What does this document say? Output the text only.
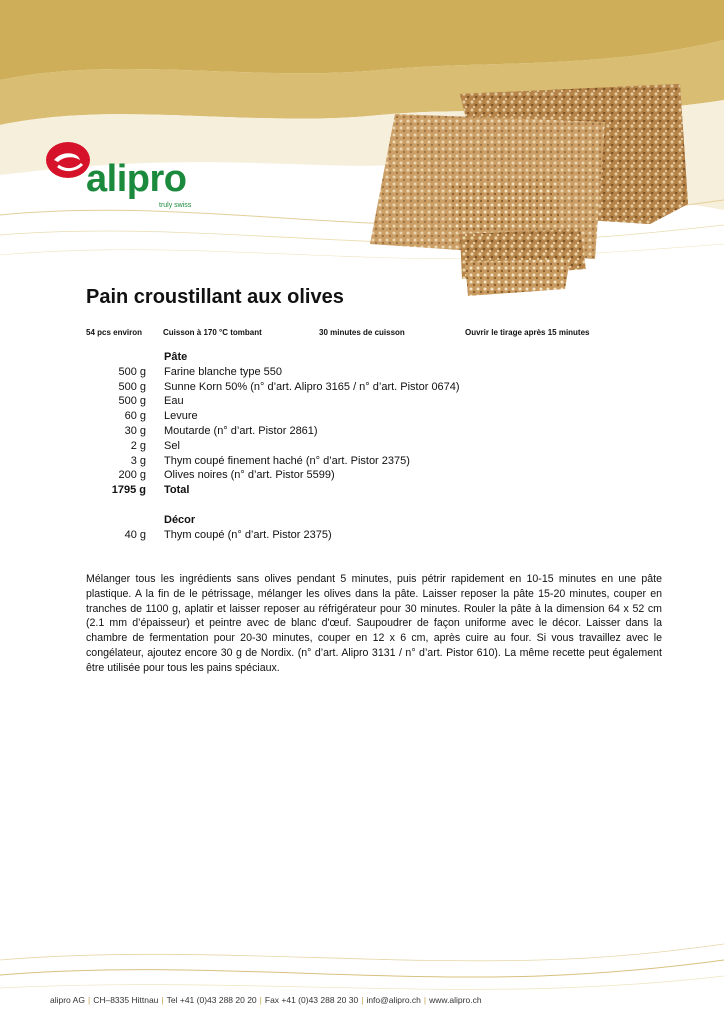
alipro
truly swiss
Pain croustillant aux olives
54 pcs environ	Cuisson à 170 °C tombant	30 minutes de cuisson	Ouvrir le tirage après 15 minutes
Pâte
500 g	Farine blanche type 550
500 g	Sunne Korn 50% (n° d’art. Alipro 3165 / n° d’art. Pistor 0674)
500 g	Eau
60 g	Levure
30 g	Moutarde (n° d’art. Pistor 2861)
2 g	Sel
3 g	Thym coupé finement haché (n° d’art. Pistor 2375)
200 g	Olives noires (n° d’art. Pistor 5599)
1795 g	Total
Décor
40 g	Thym coupé (n° d’art. Pistor 2375)

Mélanger tous les ingrédients sans olives pendant 5 minutes, puis pétrir rapidement en 10-15 minutes en une pâte plastique. A la fin de le pétrissage, mélanger les olives dans la pâte. Laisser reposer la pâte 15-20 minutes, couper en tranches de 1100 g, aplatir et laisser reposer au réfrigérateur pour 30 minutes. Rouler la pâte à la dimension 64 x 52 cm (2.1 mm d’épaisseur) et peintre avec de blanc d'œuf. Saupoudrer de façon uniforme avec le décor. Laisser dans la chambre de fermentation pour 20-30 minutes, couper en 12 x 6 cm, après cuire au four. Si vous travaillez avec le congélateur, ajoutez encore 30 g de Nordix. (n° d’art. Alipro 3131 / n° d’art. Pistor 610). La même recette peut également être utilisée pour tous les pains spéciaux.

alipro AG | CH–8335 Hittnau | Tel +41 (0)43 288 20 20 | Fax +41 (0)43 288 20 30 | info@alipro.ch | www.alipro.ch
